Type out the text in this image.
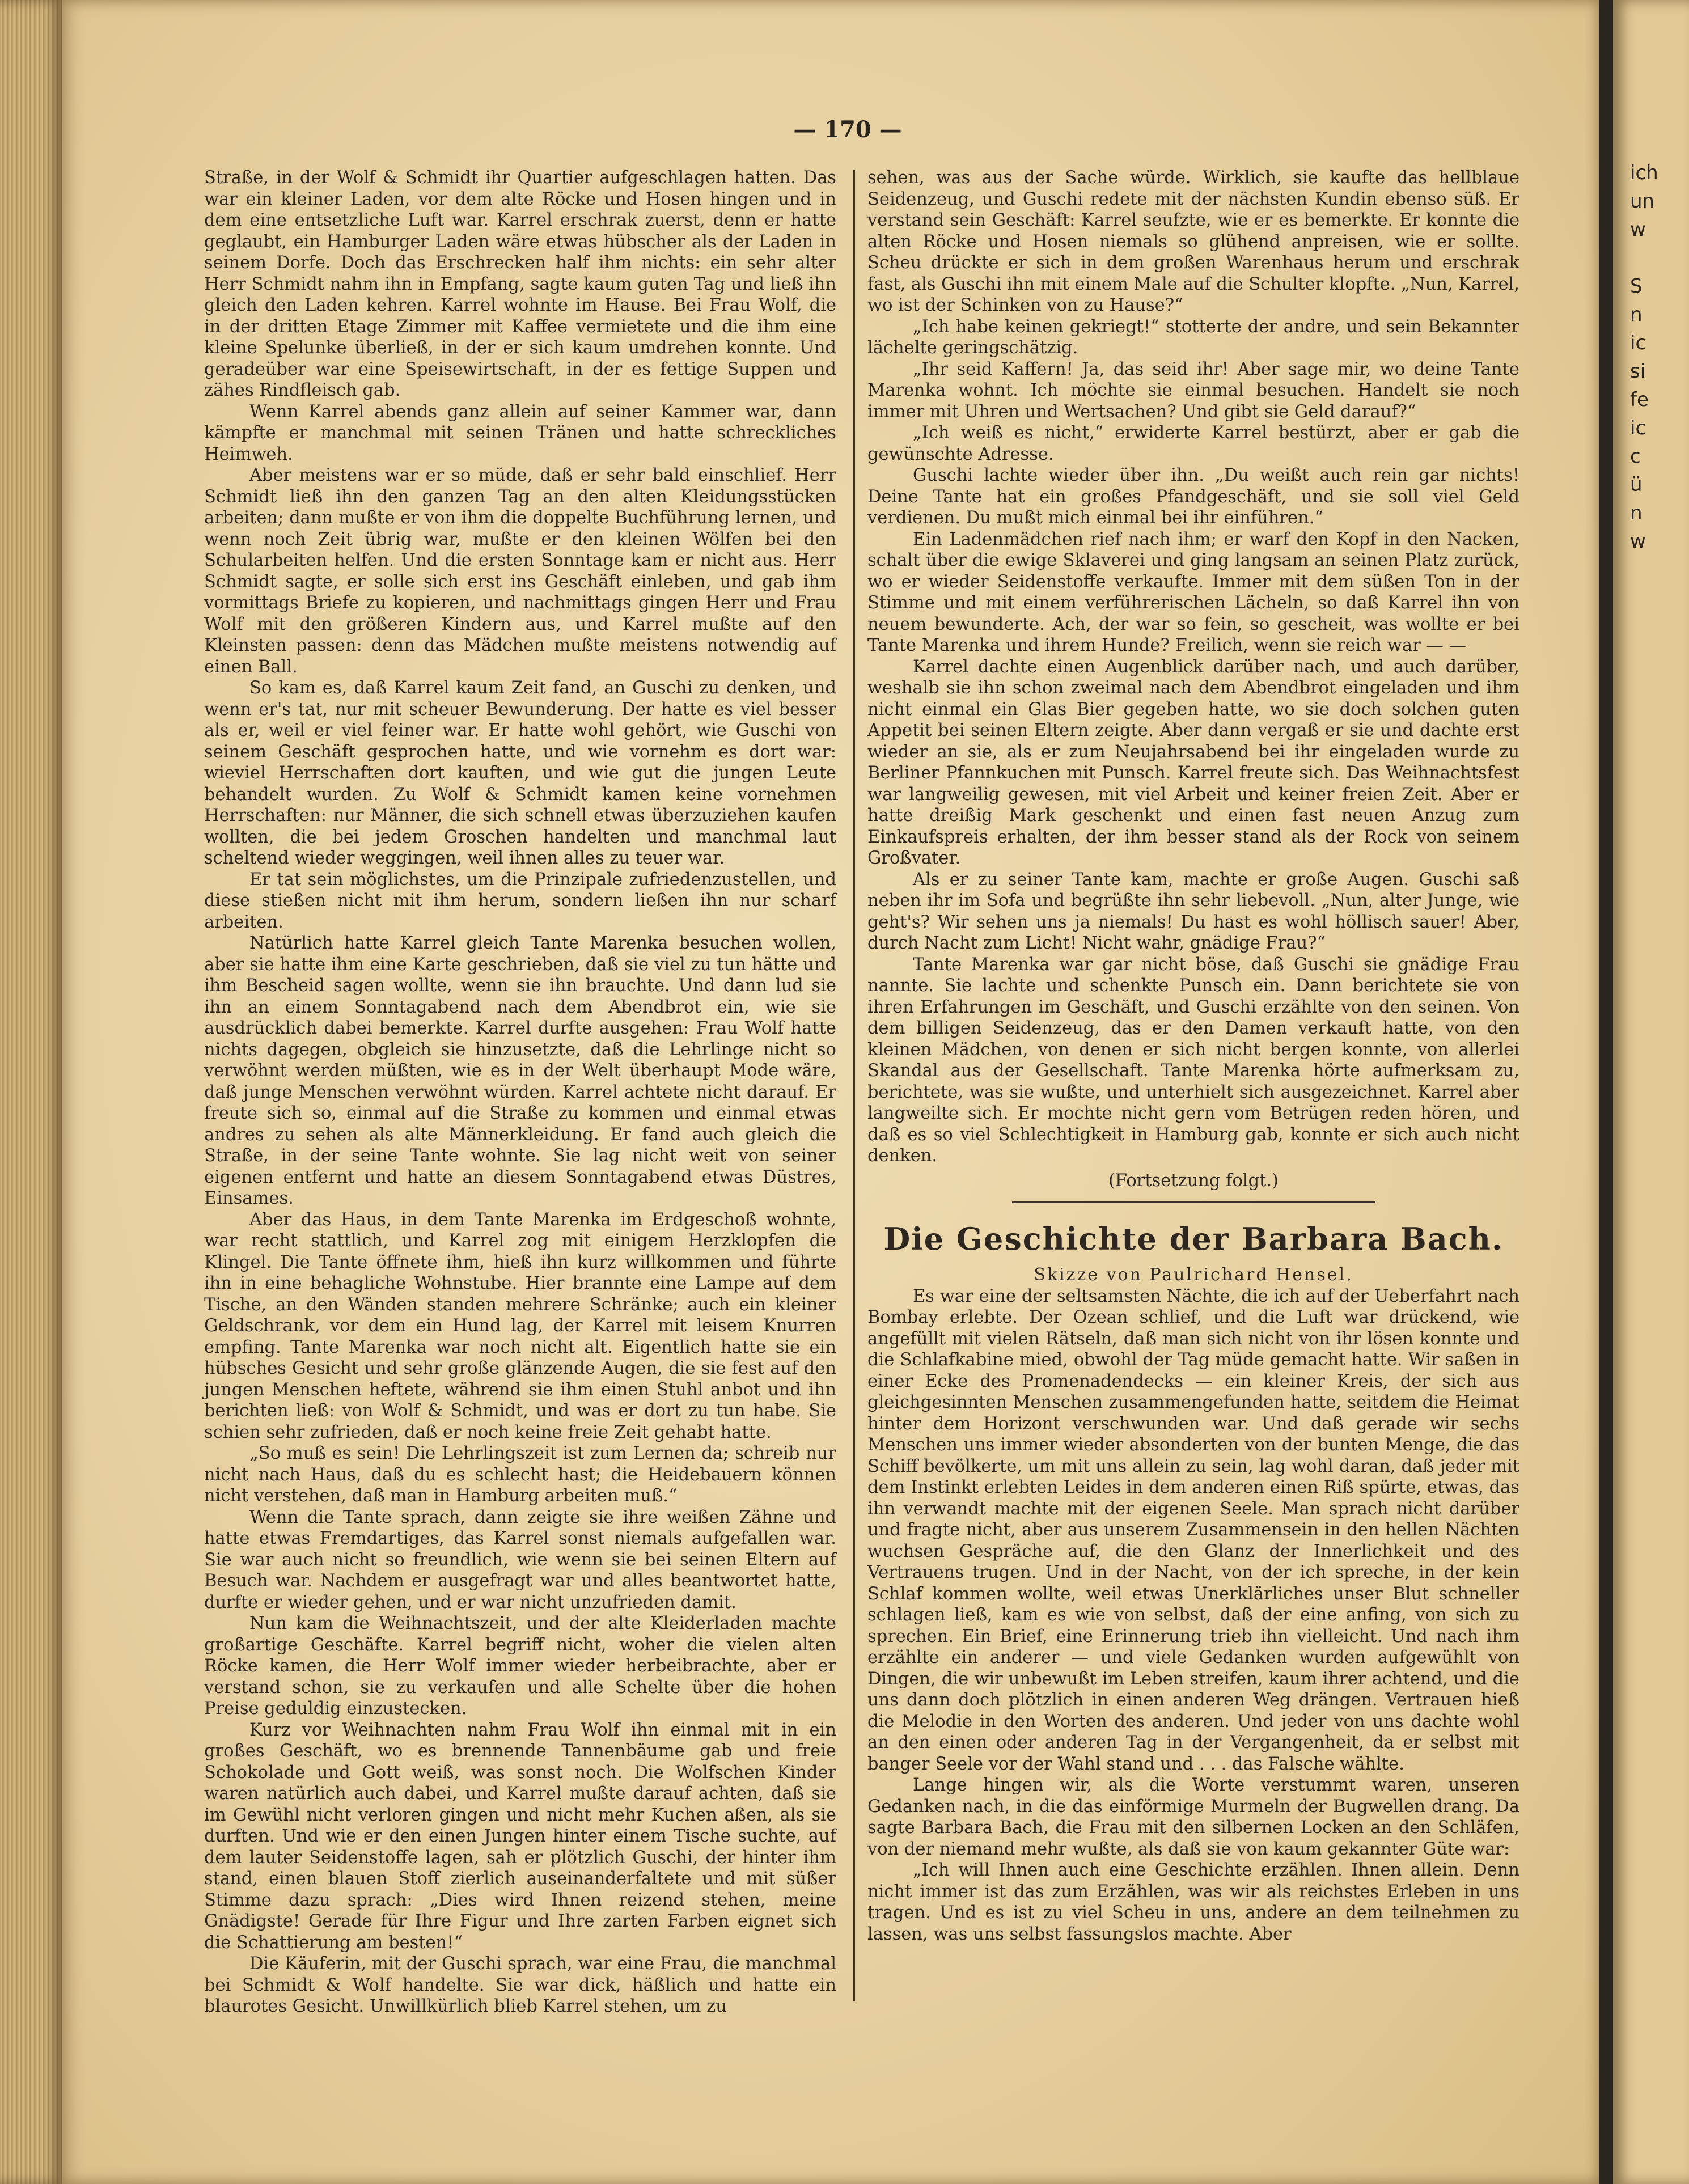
ich
un
w

S
n
ic
si
fe
ic
c
ü
n
w
— 170 —

Straße, in der Wolf & Schmidt ihr Quartier aufgeschlagen hatten. Das war ein kleiner Laden, vor dem alte Röcke und Hosen hingen und in dem eine entsetzliche Luft war. Karrel erschrak zuerst, denn er hatte geglaubt, ein Hamburger Laden wäre etwas hübscher als der Laden in seinem Dorfe. Doch das Erschrecken half ihm nichts: ein sehr alter Herr Schmidt nahm ihn in Empfang, sagte kaum guten Tag und ließ ihn gleich den Laden kehren. Karrel wohnte im Hause. Bei Frau Wolf, die in der dritten Etage Zimmer mit Kaffee vermietete und die ihm eine kleine Spelunke überließ, in der er sich kaum umdrehen konnte. Und geradeüber war eine Speisewirtschaft, in der es fettige Suppen und zähes Rindfleisch gab.

Wenn Karrel abends ganz allein auf seiner Kammer war, dann kämpfte er manchmal mit seinen Tränen und hatte schreckliches Heimweh.

Aber meistens war er so müde, daß er sehr bald einschlief. Herr Schmidt ließ ihn den ganzen Tag an den alten Kleidungsstücken arbeiten; dann mußte er von ihm die doppelte Buchführung lernen, und wenn noch Zeit übrig war, mußte er den kleinen Wölfen bei den Schularbeiten helfen. Und die ersten Sonntage kam er nicht aus. Herr Schmidt sagte, er solle sich erst ins Geschäft einleben, und gab ihm vormittags Briefe zu kopieren, und nachmittags gingen Herr und Frau Wolf mit den größeren Kindern aus, und Karrel mußte auf den Kleinsten passen: denn das Mädchen mußte meistens notwendig auf einen Ball.

So kam es, daß Karrel kaum Zeit fand, an Guschi zu denken, und wenn er's tat, nur mit scheuer Bewunderung. Der hatte es viel besser als er, weil er viel feiner war. Er hatte wohl gehört, wie Guschi von seinem Geschäft gesprochen hatte, und wie vornehm es dort war: wieviel Herrschaften dort kauften, und wie gut die jungen Leute behandelt wurden. Zu Wolf & Schmidt kamen keine vornehmen Herrschaften: nur Männer, die sich schnell etwas überzuziehen kaufen wollten, die bei jedem Groschen handelten und manchmal laut scheltend wieder weggingen, weil ihnen alles zu teuer war.

Er tat sein möglichstes, um die Prinzipale zufriedenzustellen, und diese stießen nicht mit ihm herum, sondern ließen ihn nur scharf arbeiten.

Natürlich hatte Karrel gleich Tante Marenka besuchen wollen, aber sie hatte ihm eine Karte geschrieben, daß sie viel zu tun hätte und ihm Bescheid sagen wollte, wenn sie ihn brauchte. Und dann lud sie ihn an einem Sonntagabend nach dem Abendbrot ein, wie sie ausdrücklich dabei bemerkte. Karrel durfte ausgehen: Frau Wolf hatte nichts dagegen, obgleich sie hinzusetzte, daß die Lehrlinge nicht so verwöhnt werden müßten, wie es in der Welt überhaupt Mode wäre, daß junge Menschen verwöhnt würden. Karrel achtete nicht darauf. Er freute sich so, einmal auf die Straße zu kommen und einmal etwas andres zu sehen als alte Männerkleidung. Er fand auch gleich die Straße, in der seine Tante wohnte. Sie lag nicht weit von seiner eigenen entfernt und hatte an diesem Sonntagabend etwas Düstres, Einsames.

Aber das Haus, in dem Tante Marenka im Erdgeschoß wohnte, war recht stattlich, und Karrel zog mit einigem Herzklopfen die Klingel. Die Tante öffnete ihm, hieß ihn kurz willkommen und führte ihn in eine behagliche Wohnstube. Hier brannte eine Lampe auf dem Tische, an den Wänden standen mehrere Schränke; auch ein kleiner Geldschrank, vor dem ein Hund lag, der Karrel mit leisem Knurren empfing. Tante Marenka war noch nicht alt. Eigentlich hatte sie ein hübsches Gesicht und sehr große glänzende Augen, die sie fest auf den jungen Menschen heftete, während sie ihm einen Stuhl anbot und ihn berichten ließ: von Wolf & Schmidt, und was er dort zu tun habe. Sie schien sehr zufrieden, daß er noch keine freie Zeit gehabt hatte.

„So muß es sein! Die Lehrlingszeit ist zum Lernen da; schreib nur nicht nach Haus, daß du es schlecht hast; die Heidebauern können nicht verstehen, daß man in Hamburg arbeiten muß.“

Wenn die Tante sprach, dann zeigte sie ihre weißen Zähne und hatte etwas Fremdartiges, das Karrel sonst niemals aufgefallen war. Sie war auch nicht so freundlich, wie wenn sie bei seinen Eltern auf Besuch war. Nachdem er ausgefragt war und alles beantwortet hatte, durfte er wieder gehen, und er war nicht unzufrieden damit.

Nun kam die Weihnachtszeit, und der alte Kleiderladen machte großartige Geschäfte. Karrel begriff nicht, woher die vielen alten Röcke kamen, die Herr Wolf immer wieder herbeibrachte, aber er verstand schon, sie zu verkaufen und alle Schelte über die hohen Preise geduldig einzustecken.

Kurz vor Weihnachten nahm Frau Wolf ihn einmal mit in ein großes Geschäft, wo es brennende Tannenbäume gab und freie Schokolade und Gott weiß, was sonst noch. Die Wolfschen Kinder waren natürlich auch dabei, und Karrel mußte darauf achten, daß sie im Gewühl nicht verloren gingen und nicht mehr Kuchen aßen, als sie durften. Und wie er den einen Jungen hinter einem Tische suchte, auf dem lauter Seidenstoffe lagen, sah er plötzlich Guschi, der hinter ihm stand, einen blauen Stoff zierlich auseinanderfaltete und mit süßer Stimme dazu sprach: „Dies wird Ihnen reizend stehen, meine Gnädigste! Gerade für Ihre Figur und Ihre zarten Farben eignet sich die Schattierung am besten!“

Die Käuferin, mit der Guschi sprach, war eine Frau, die manchmal bei Schmidt & Wolf handelte. Sie war dick, häßlich und hatte ein blaurotes Gesicht. Unwillkürlich blieb Karrel stehen, um zu

sehen, was aus der Sache würde. Wirklich, sie kaufte das hellblaue Seidenzeug, und Guschi redete mit der nächsten Kundin ebenso süß. Er verstand sein Geschäft: Karrel seufzte, wie er es bemerkte. Er konnte die alten Röcke und Hosen niemals so glühend anpreisen, wie er sollte. Scheu drückte er sich in dem großen Warenhaus herum und erschrak fast, als Guschi ihn mit einem Male auf die Schulter klopfte. „Nun, Karrel, wo ist der Schinken von zu Hause?“

„Ich habe keinen gekriegt!“ stotterte der andre, und sein Bekannter lächelte geringschätzig.

„Ihr seid Kaffern! Ja, das seid ihr! Aber sage mir, wo deine Tante Marenka wohnt. Ich möchte sie einmal besuchen. Handelt sie noch immer mit Uhren und Wertsachen? Und gibt sie Geld darauf?“

„Ich weiß es nicht,“ erwiderte Karrel bestürzt, aber er gab die gewünschte Adresse.

Guschi lachte wieder über ihn. „Du weißt auch rein gar nichts! Deine Tante hat ein großes Pfandgeschäft, und sie soll viel Geld verdienen. Du mußt mich einmal bei ihr einführen.“

Ein Ladenmädchen rief nach ihm; er warf den Kopf in den Nacken, schalt über die ewige Sklaverei und ging langsam an seinen Platz zurück, wo er wieder Seidenstoffe verkaufte. Immer mit dem süßen Ton in der Stimme und mit einem verführerischen Lächeln, so daß Karrel ihn von neuem bewunderte. Ach, der war so fein, so gescheit, was wollte er bei Tante Marenka und ihrem Hunde? Freilich, wenn sie reich war — —

Karrel dachte einen Augenblick darüber nach, und auch darüber, weshalb sie ihn schon zweimal nach dem Abendbrot eingeladen und ihm nicht einmal ein Glas Bier gegeben hatte, wo sie doch solchen guten Appetit bei seinen Eltern zeigte. Aber dann vergaß er sie und dachte erst wieder an sie, als er zum Neujahrsabend bei ihr eingeladen wurde zu Berliner Pfannkuchen mit Punsch. Karrel freute sich. Das Weihnachtsfest war langweilig gewesen, mit viel Arbeit und keiner freien Zeit. Aber er hatte dreißig Mark geschenkt und einen fast neuen Anzug zum Einkaufspreis erhalten, der ihm besser stand als der Rock von seinem Großvater.

Als er zu seiner Tante kam, machte er große Augen. Guschi saß neben ihr im Sofa und begrüßte ihn sehr liebevoll. „Nun, alter Junge, wie geht's? Wir sehen uns ja niemals! Du hast es wohl höllisch sauer! Aber, durch Nacht zum Licht! Nicht wahr, gnädige Frau?“

Tante Marenka war gar nicht böse, daß Guschi sie gnädige Frau nannte. Sie lachte und schenkte Punsch ein. Dann berichtete sie von ihren Erfahrungen im Geschäft, und Guschi erzählte von den seinen. Von dem billigen Seidenzeug, das er den Damen verkauft hatte, von den kleinen Mädchen, von denen er sich nicht bergen konnte, von allerlei Skandal aus der Gesellschaft. Tante Marenka hörte aufmerksam zu, berichtete, was sie wußte, und unterhielt sich ausgezeichnet. Karrel aber langweilte sich. Er mochte nicht gern vom Betrügen reden hören, und daß es so viel Schlechtigkeit in Hamburg gab, konnte er sich auch nicht denken.

(Fortsetzung folgt.)

Die Geschichte der Barbara Bach.

Skizze von Paulrichard Hensel.

Es war eine der seltsamsten Nächte, die ich auf der Ueberfahrt nach Bombay erlebte. Der Ozean schlief, und die Luft war drückend, wie angefüllt mit vielen Rätseln, daß man sich nicht von ihr lösen konnte und die Schlafkabine mied, obwohl der Tag müde gemacht hatte. Wir saßen in einer Ecke des Promenadendecks — ein kleiner Kreis, der sich aus gleichgesinnten Menschen zusammengefunden hatte, seitdem die Heimat hinter dem Horizont verschwunden war. Und daß gerade wir sechs Menschen uns immer wieder absonderten von der bunten Menge, die das Schiff bevölkerte, um mit uns allein zu sein, lag wohl daran, daß jeder mit dem Instinkt erlebten Leides in dem anderen einen Riß spürte, etwas, das ihn verwandt machte mit der eigenen Seele. Man sprach nicht darüber und fragte nicht, aber aus unserem Zusammensein in den hellen Nächten wuchsen Gespräche auf, die den Glanz der Innerlichkeit und des Vertrauens trugen. Und in der Nacht, von der ich spreche, in der kein Schlaf kommen wollte, weil etwas Unerklärliches unser Blut schneller schlagen ließ, kam es wie von selbst, daß der eine anfing, von sich zu sprechen. Ein Brief, eine Erinnerung trieb ihn vielleicht. Und nach ihm erzählte ein anderer — und viele Gedanken wurden aufgewühlt von Dingen, die wir unbewußt im Leben streifen, kaum ihrer achtend, und die uns dann doch plötzlich in einen anderen Weg drängen. Vertrauen hieß die Melodie in den Worten des anderen. Und jeder von uns dachte wohl an den einen oder anderen Tag in der Vergangenheit, da er selbst mit banger Seele vor der Wahl stand und . . . das Falsche wählte.

Lange hingen wir, als die Worte verstummt waren, unseren Gedanken nach, in die das einförmige Murmeln der Bugwellen drang. Da sagte Barbara Bach, die Frau mit den silbernen Locken an den Schläfen, von der niemand mehr wußte, als daß sie von kaum gekannter Güte war:

„Ich will Ihnen auch eine Geschichte erzählen. Ihnen allein. Denn nicht immer ist das zum Erzählen, was wir als reichstes Erleben in uns tragen. Und es ist zu viel Scheu in uns, andere an dem teilnehmen zu lassen, was uns selbst fassungslos machte. Aber
